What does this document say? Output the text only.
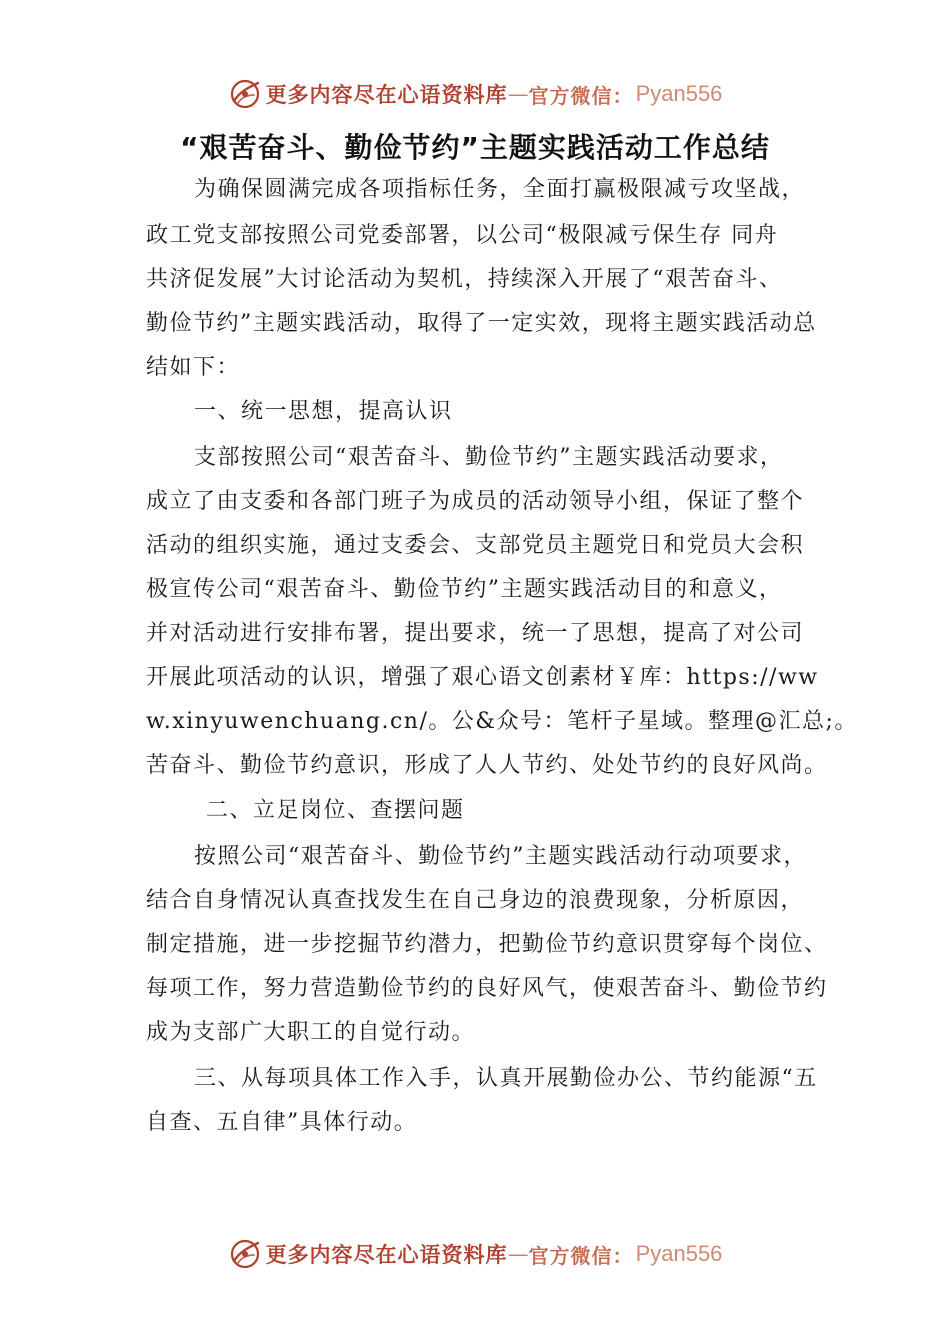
更多内容尽在心语资料库 — 官方微信： Pyan556
“艰苦奋斗、勤俭节约”主题实践活动工作总结
为确保圆满完成各项指标任务，全面打赢极限减亏攻坚战，
政工党支部按照公司党委部署，以公司“极限减亏保生存 同舟
共济促发展”大讨论活动为契机，持续深入开展了“艰苦奋斗、
勤俭节约”主题实践活动，取得了一定实效，现将主题实践活动总
结如下：
一、统一思想，提高认识
支部按照公司“艰苦奋斗、勤俭节约”主题实践活动要求，
成立了由支委和各部门班子为成员的活动领导小组，保证了整个
活动的组织实施，通过支委会、支部党员主题党日和党员大会积
极宣传公司“艰苦奋斗、勤俭节约”主题实践活动目的和意义，
并对活动进行安排布署，提出要求，统一了思想，提高了对公司
开展此项活动的认识，增强了艰心语文创素材￥库：https://ww
w.xinyuwenchuang.cn/。公&众号：笔杆子星域。整理@汇总;。
苦奋斗、勤俭节约意识，形成了人人节约、处处节约的良好风尚。
二、立足岗位、查摆问题
按照公司“艰苦奋斗、勤俭节约”主题实践活动行动项要求，
结合自身情况认真查找发生在自己身边的浪费现象，分析原因，
制定措施，进一步挖掘节约潜力，把勤俭节约意识贯穿每个岗位、
每项工作，努力营造勤俭节约的良好风气，使艰苦奋斗、勤俭节约
成为支部广大职工的自觉行动。
三、从每项具体工作入手，认真开展勤俭办公、节约能源“五
自查、五自律”具体行动。
更多内容尽在心语资料库 — 官方微信： Pyan556
